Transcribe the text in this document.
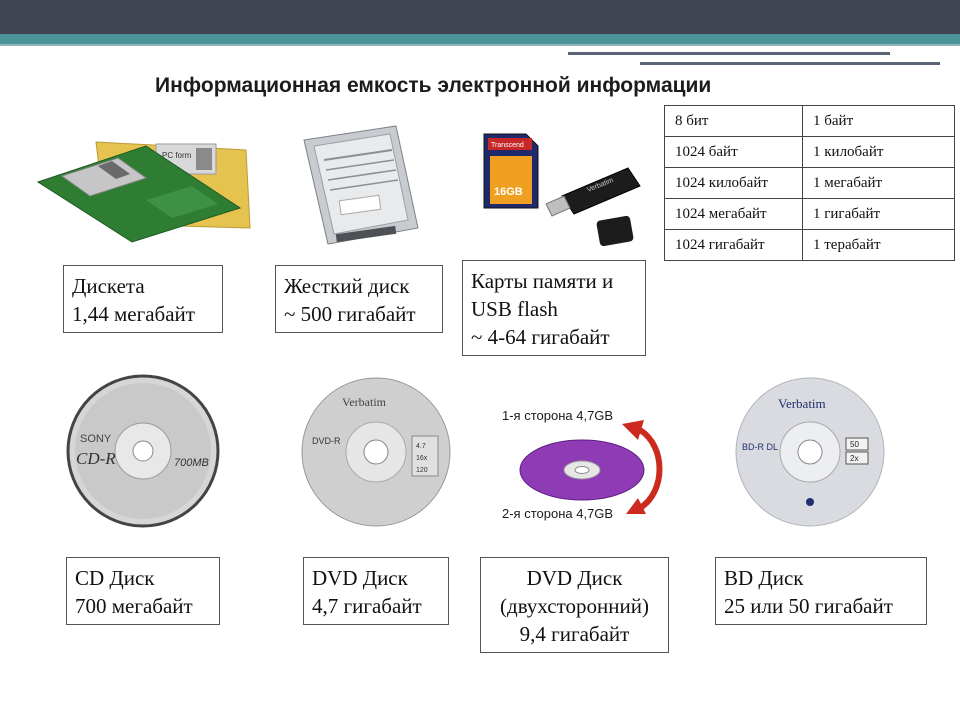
Информационная емкость электронной информации
PC form
Transcend
16GB	Verbatim
SONY
CD-R	700MB
Verbatim
DVD-R
4.7
16x
120
1-я сторона 4,7GB
2-я сторона 4,7GB
Verbatim
BD-R DL	50
2x
Дискета
1,44 мегабайт
Жесткий диск
~ 500 гигабайт
Карты памяти и
USB flash
~ 4-64 гигабайт
CD Диск
700 мегабайт
DVD Диск
4,7 гигабайт
DVD Диск
(двухсторонний)
9,4 гигабайт
BD Диск
25 или 50 гигабайт
8 бит	1 байт
1024 байт	1 килобайт
1024 килобайт	1 мегабайт
1024 мегабайт	1 гигабайт
1024 гигабайт	1 терабайт
